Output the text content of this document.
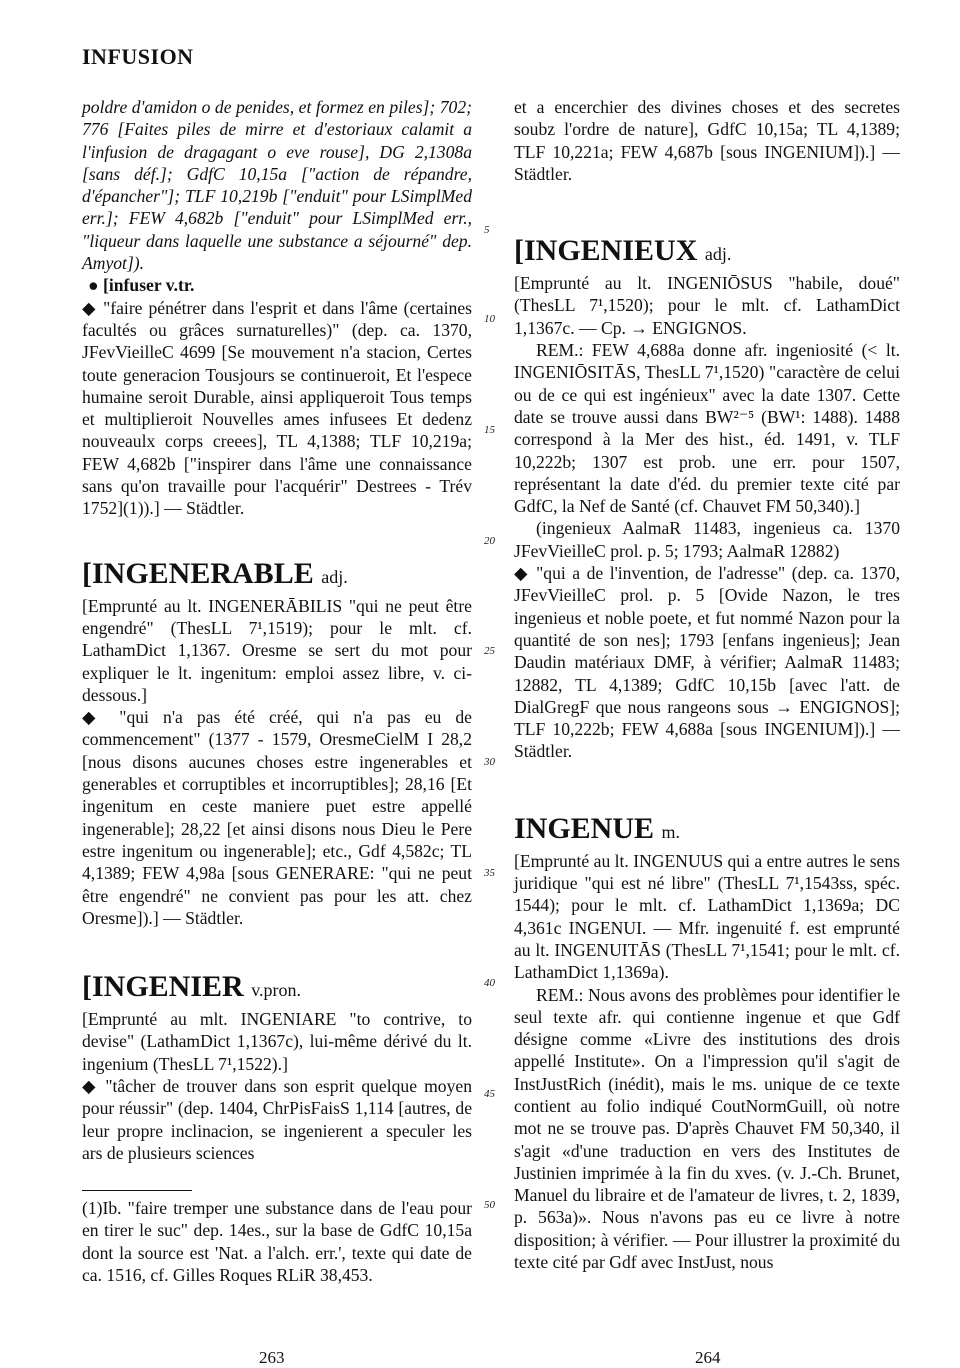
INFUSION

poldre d'amidon o de penides, et formez en piles]; 702; 776 [Faites piles de mirre et d'estoriaux calamit a l'infusion de dragagant o eve rouse], DG 2,1308a [sans déf.]; GdfC 10,15a ["action de répandre, d'épancher"]; TLF 10,219b ["enduit" pour LSimplMed err.]; FEW 4,682b ["enduit" pour LSimplMed err., "liqueur dans laquelle une substance a séjourné" dep. Amyot]).

● [infuser v.tr.

◆ "faire pénétrer dans l'esprit et dans l'âme (certaines facultés ou grâces surnaturelles)" (dep. ca. 1370, JFevVieilleC 4699 [Se mouvement n'a stacion, Certes toute generacion Tousjours se continueroit, Et l'espece humaine seroit Durable, ainsi appliqueroit Tous temps et multiplieroit Nouvelles ames infusees Et dedenz nouveaulx corps creees], TL 4,1388; TLF 10,219a; FEW 4,682b ["inspirer dans l'âme une connaissance sans qu'on travaille pour l'acquérir" Destrees - Trév 1752](1)).] — Städtler.

[INGENERABLE adj.

[Emprunté au lt. INGENERĀBILIS "qui ne peut être engendré" (ThesLL 7¹,1519); pour le mlt. cf. LathamDict 1,1367. Oresme se sert du mot pour expliquer le lt. ingenitum: emploi assez libre, v. ci-dessous.]

◆ "qui n'a pas été créé, qui n'a pas eu de commencement" (1377 - 1579, OresmeCielM I 28,2 [nous disons aucunes choses estre ingenerables et generables et corruptibles et incorruptibles]; 28,16 [Et ingenitum en ceste maniere puet estre appellé ingenerable]; 28,22 [et ainsi disons nous Dieu le Pere estre ingenitum ou ingenerable]; etc., Gdf 4,582c; TL 4,1389; FEW 4,98a [sous GENERARE: "qui ne peut être engendré" ne convient pas pour les att. chez Oresme]).] — Städtler.

[INGENIER v.pron.

[Emprunté au mlt. INGENIARE "to contrive, to devise" (LathamDict 1,1367c), lui-même dérivé du lt. ingenium (ThesLL 7¹,1522).]

◆ "tâcher de trouver dans son esprit quelque moyen pour réussir" (dep. 1404, ChrPisFaisS 1,114 [autres, de leur propre inclinacion, se ingenierent a speculer les ars de plusieurs sciences

(1)Ib. "faire tremper une substance dans de l'eau pour en tirer le suc" dep. 14es., sur la base de GdfC 10,15a dont la source est 'Nat. a l'alch. err.', texte qui date de ca. 1516, cf. Gilles Roques RLiR 38,453.

et a encerchier des divines choses et des secretes soubz l'ordre de nature], GdfC 10,15a; TL 4,1389; TLF 10,221a; FEW 4,687b [sous INGENIUM]).] — Städtler.

[INGENIEUX adj.

[Emprunté au lt. INGENIŌSUS "habile, doué" (ThesLL 7¹,1520); pour le mlt. cf. LathamDict 1,1367c. — Cp. → ENGIGNOS.

REM.: FEW 4,688a donne afr. ingeniosité (< lt. INGENIŌSITĀS, ThesLL 7¹,1520) "caractère de celui ou de ce qui est ingénieux" avec la date 1307. Cette date se trouve aussi dans BW²⁻⁵ (BW¹: 1488). 1488 correspond à la Mer des hist., éd. 1491, v. TLF 10,222b; 1307 est prob. une err. pour 1507, représentant la date d'éd. du premier texte cité par GdfC, la Nef de Santé (cf. Chauvet FM 50,340).]

(ingenieux AalmaR 11483, ingenieus ca. 1370 JFevVieilleC prol. p. 5; 1793; AalmaR 12882)

◆ "qui a de l'invention, de l'adresse" (dep. ca. 1370, JFevVieilleC prol. p. 5 [Ovide Nazon, le tres ingenieus et noble poete, et fut nommé Nazon pour la quantité de son nes]; 1793 [enfans ingenieus]; Jean Daudin matériaux DMF, à vérifier; AalmaR 11483; 12882, TL 4,1389; GdfC 10,15b [avec l'att. de DialGregF que nous rangeons sous → ENGIGNOS]; TLF 10,222b; FEW 4,688a [sous INGENIUM]).] — Städtler.

INGENUE m.

[Emprunté au lt. INGENUUS qui a entre autres le sens juridique "qui est né libre" (ThesLL 7¹,1543ss, spéc. 1544); pour le mlt. cf. LathamDict 1,1369a; DC 4,361c INGENUI. — Mfr. ingenuité f. est emprunté au lt. INGENUITĀS (ThesLL 7¹,1541; pour le mlt. cf. LathamDict 1,1369a).

REM.: Nous avons des problèmes pour identifier le seul texte afr. qui contienne ingenue et que Gdf désigne comme «Livre des institutions des drois appellé Institute». On a l'impression qu'il s'agit de InstJustRich (inédit), mais le ms. unique de ce texte contient au folio indiqué CoutNormGuill, où notre mot ne se trouve pas. D'après Chauvet FM 50,340, il s'agit «d'une traduction en vers des Institutes de Justinien imprimée à la fin du xves. (v. J.-Ch. Brunet, Manuel du libraire et de l'amateur de livres, t. 2, 1839, p. 563a)». Nous n'avons pas eu ce livre à notre disposition; à vérifier. — Pour illustrer la proximité du texte cité par Gdf avec InstJust, nous

5
10
15
20
25
30
35
40
45
50
263	264
